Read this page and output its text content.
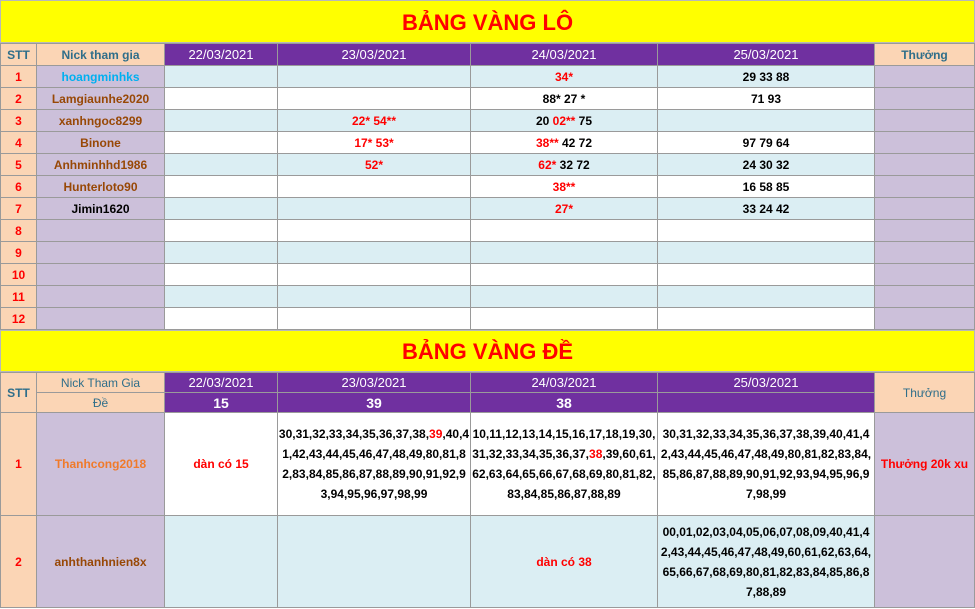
BẢNG VÀNG LÔ
STT	Nick tham gia	22/03/2021	23/03/2021	24/03/2021	25/03/2021	Thưởng
1	hoangminhks			34*	29 33 88	
2	Lamgiaunhe2020			88* 27 *	71 93	
3	xanhngoc8299		22* 54**	20 02** 75		
4	Binone		17* 53*	38** 42 72	97 79 64	
5	Anhminhhd1986		52*	62* 32 72	24 30 32	
6	Hunterloto90			38**	16 58 85	
7	Jimin1620			27*	33 24 42	
8						
9						
10						
11						
12						
BẢNG VÀNG ĐỀ
STT	Nick Tham Gia	22/03/2021	23/03/2021	24/03/2021	25/03/2021	Thưởng
	Đề	15	39	38		
1	Thanhcong2018	dàn có 15	30,31,32,33,34,35,36,37,38,39,40,41,42,43,44,45,46,47,48,49,80,81,82,83,84,85,86,87,88,89,90,91,92,93,94,95,96,97,98,99	10,11,12,13,14,15,16,17,18,19,30,31,32,33,34,35,36,37,38,39,60,61,62,63,64,65,66,67,68,69,80,81,82,83,84,85,86,87,88,89	30,31,32,33,34,35,36,37,38,39,40,41,42,43,44,45,46,47,48,49,80,81,82,83,84,85,86,87,88,89,90,91,92,93,94,95,96,97,98,99	Thưởng 20k xu
2	anhthanhnien8x			dàn có 38	00,01,02,03,04,05,06,07,08,09,40,41,42,43,44,45,46,47,48,49,60,61,62,63,64,65,66,67,68,69,80,81,82,83,84,85,86,87,88,89	
